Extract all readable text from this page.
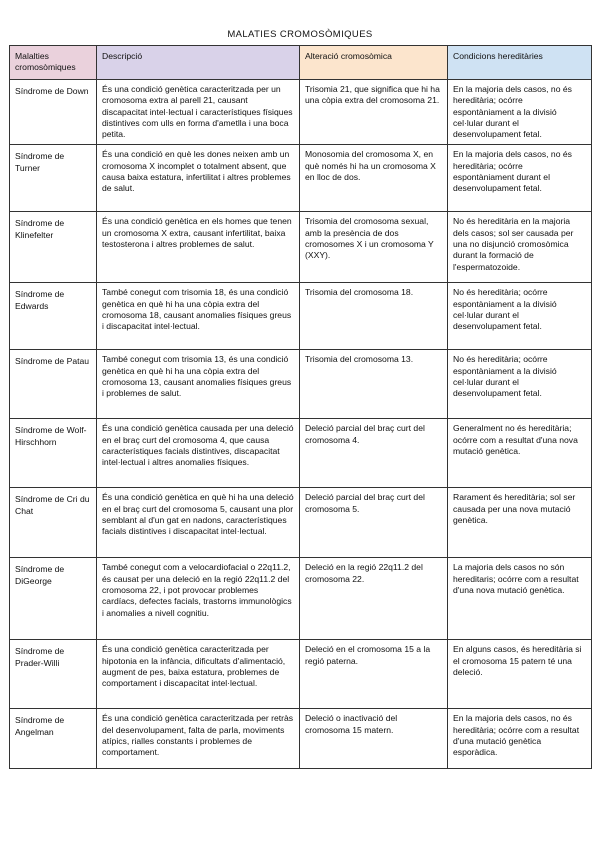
MALATIES CROMOSÒMIQUES
Malalties cromosòmiques	Descripció	Alteració cromosòmica	Condicions hereditàries
Síndrome de Down	És una condició genètica caracteritzada per un cromosoma extra al parell 21, causant discapacitat intel·lectual i característiques físiques distintives com ulls en forma d'ametlla i una boca petita.	Trisomia 21, que significa que hi ha una còpia extra del cromosoma 21.	En la majoria dels casos, no és hereditària; ocórre espontàniament a la divisió cel·lular durant el desenvolupament fetal.
Síndrome de Turner	És una condició en què les dones neixen amb un cromosoma X incomplet o totalment absent, que causa baixa estatura, infertilitat i altres problemes de salut.	Monosomia del cromosoma X, en què només hi ha un cromosoma X en lloc de dos.	En la majoria dels casos, no és hereditària; ocórre espontàniament durant el desenvolupament fetal.
Síndrome de Klinefelter	És una condició genètica en els homes que tenen un cromosoma X extra, causant infertilitat, baixa testosterona i altres problemes de salut.	Trisomia del cromosoma sexual, amb la presència de dos cromosomes X i un cromosoma Y (XXY).	No és hereditària en la majoria dels casos; sol ser causada per una no disjunció cromosòmica durant la formació de l'espermatozoide.
Síndrome de Edwards	També conegut com trisomia 18, és una condició genètica en què hi ha una còpia extra del cromosoma 18, causant anomalies físiques greus i discapacitat intel·lectual.	Trisomia del cromosoma 18.	No és hereditària; ocórre espontàniament a la divisió cel·lular durant el desenvolupament fetal.
Síndrome de Patau	També conegut com trisomia 13, és una condició genètica en què hi ha una còpia extra del cromosoma 13, causant anomalies físiques greus i problemes de salut.	Trisomia del cromosoma 13.	No és hereditària; ocórre espontàniament a la divisió cel·lular durant el desenvolupament fetal.
Síndrome de Wolf-Hirschhorn	És una condició genètica causada per una deleció en el braç curt del cromosoma 4, que causa característiques facials distintives, discapacitat intel·lectual i altres anomalies físiques.	Deleció parcial del braç curt del cromosoma 4.	Generalment no és hereditària; ocórre com a resultat d'una nova mutació genètica.
Síndrome de Cri du Chat	És una condició genètica en què hi ha una deleció en el braç curt del cromosoma 5, causant una plor semblant al d'un gat en nadons, característiques facials distintives i discapacitat intel·lectual.	Deleció parcial del braç curt del cromosoma 5.	Rarament és hereditària; sol ser causada per una nova mutació genètica.
Síndrome de DiGeorge	També conegut com a velocardiofacial o 22q11.2, és causat per una deleció en la regió 22q11.2 del cromosoma 22, i pot provocar problemes cardíacs, defectes facials, trastorns immunològics i anomalies a nivell cognitiu.	Deleció en la regió 22q11.2 del cromosoma 22.	La majoria dels casos no són hereditaris; ocórre com a resultat d'una nova mutació genètica.
Síndrome de Prader-Willi	És una condició genètica caracteritzada per hipotonia en la infància, dificultats d'alimentació, augment de pes, baixa estatura, problemes de comportament i discapacitat intel·lectual.	Deleció en el cromosoma 15 a la regió paterna.	En alguns casos, és hereditària si el cromosoma 15 patern té una deleció.
Síndrome de Angelman	És una condició genètica caracteritzada per retràs del desenvolupament, falta de parla, moviments atípics, rialles constants i problemes de comportament.	Deleció o inactivació del cromosoma 15 matern.	En la majoria dels casos, no és hereditària; ocórre com a resultat d'una mutació genètica esporàdica.
